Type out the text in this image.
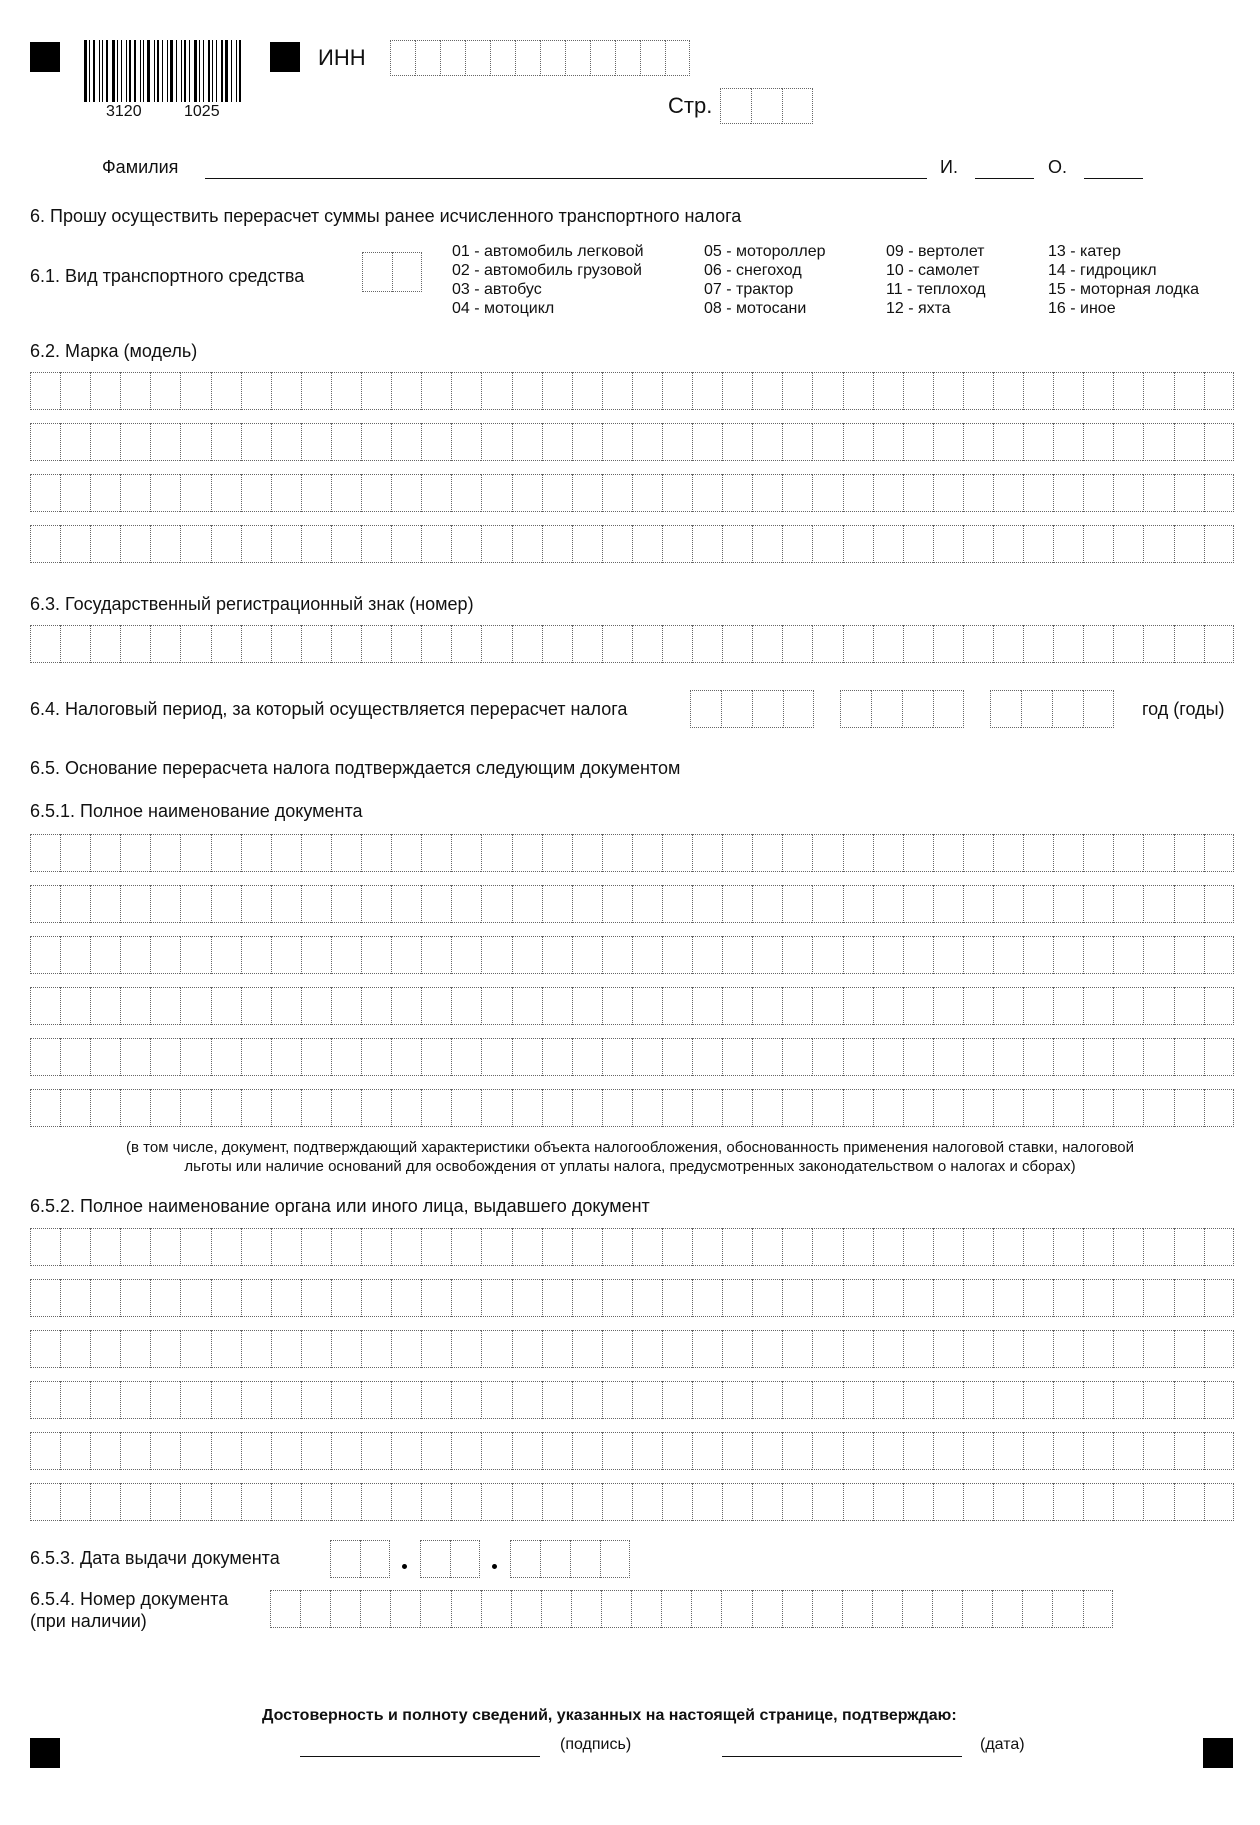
3120	1025
ИНН
Стр.
Фамилия	И.	О.
6. Прошу осуществить перерасчет суммы ранее исчисленного транспортного налога
6.1. Вид транспортного средства
01 - автомобиль легковой
02 - автомобиль грузовой
03 - автобус
04 - мотоцикл
05 - мотороллер
06 - снегоход
07 - трактор
08 - мотосани
09 - вертолет
10 - самолет
11 - теплоход
12 - яхта
13 - катер
14 - гидроцикл
15 - моторная лодка
16 - иное
6.2. Марка (модель)
6.3. Государственный регистрационный знак (номер)
6.4. Налоговый период, за который осуществляется перерасчет налога	год (годы)
6.5. Основание перерасчета налога подтверждается следующим документом
6.5.1. Полное наименование документа
(в том числе, документ, подтверждающий характеристики объекта налогообложения, обоснованность применения налоговой ставки, налоговой
льготы или наличие оснований для освобождения от уплаты налога, предусмотренных законодательством о налогах и сборах)
6.5.2. Полное наименование органа или иного лица, выдавшего документ
6.5.3. Дата выдачи документа
6.5.4. Номер документа
(при наличии)
Достоверность и полноту сведений, указанных на настоящей странице, подтверждаю:
(подпись)	(дата)
